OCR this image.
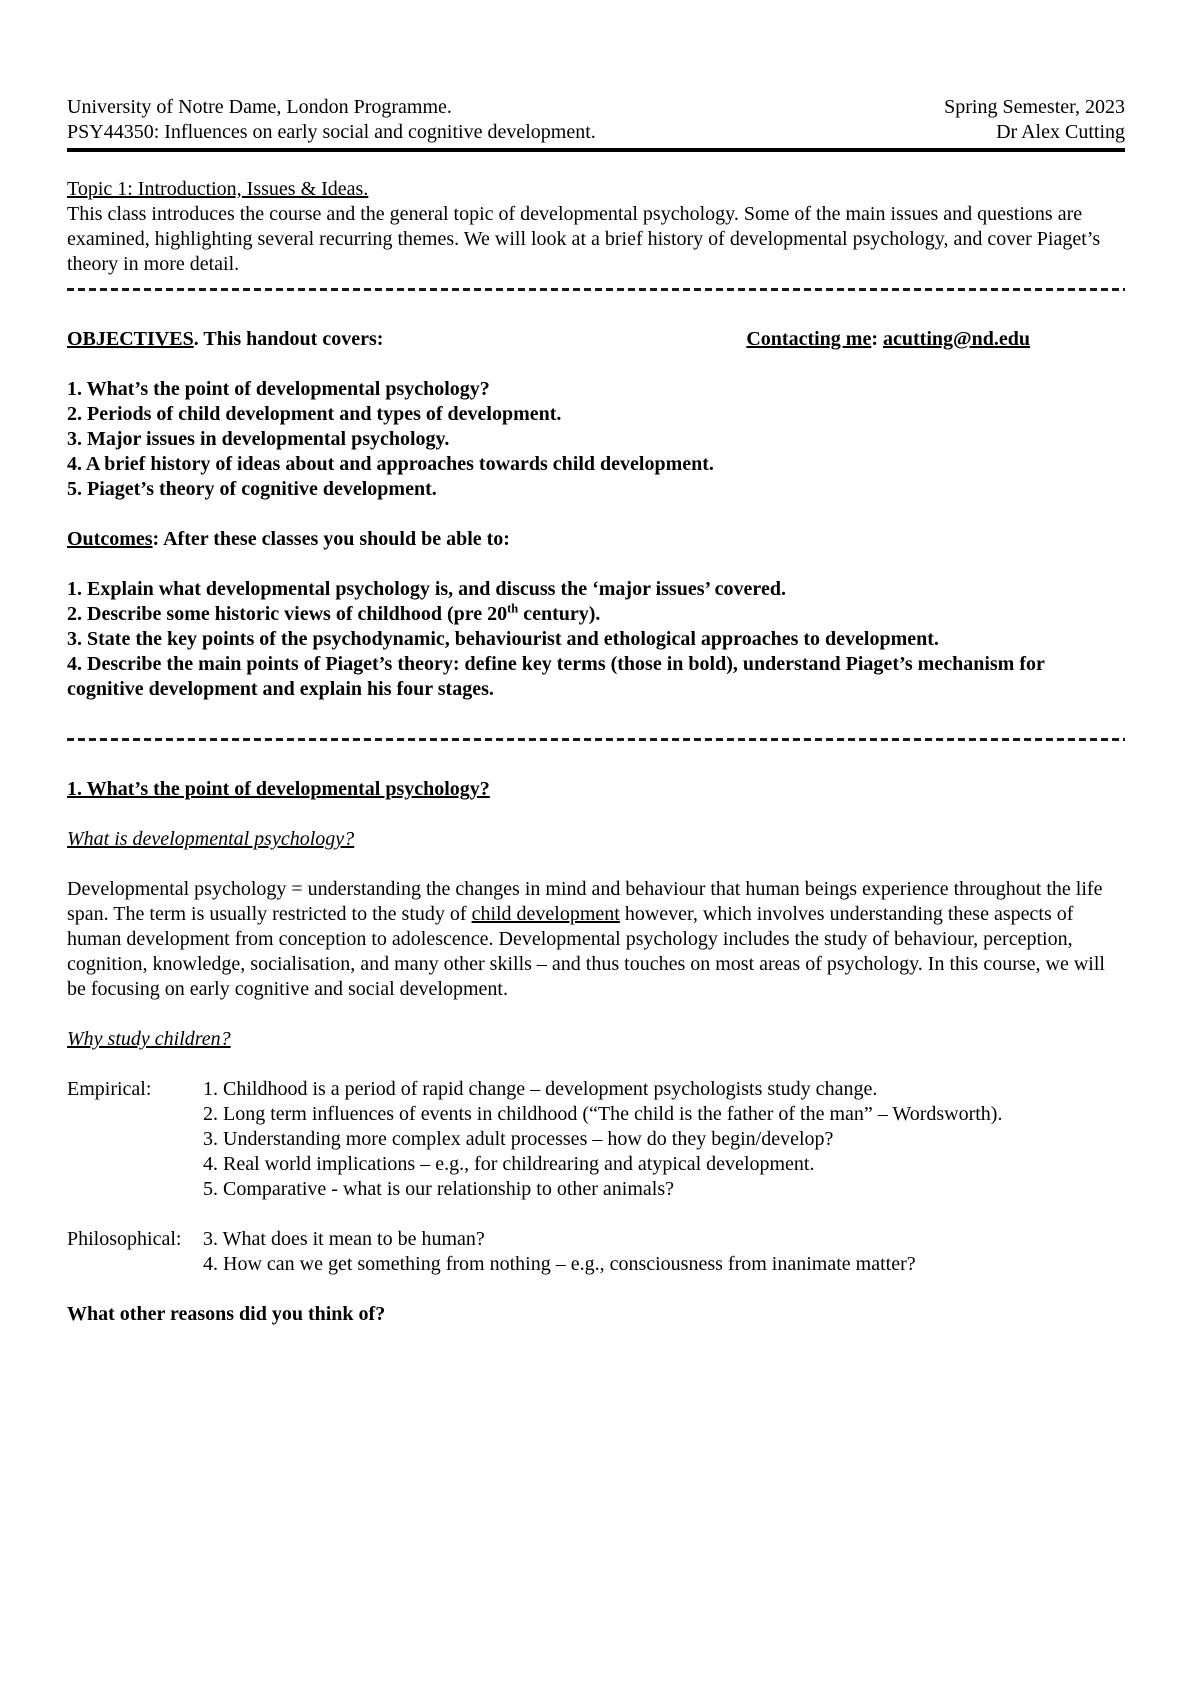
University of Notre Dame, London Programme.

PSY44350: Influences on early social and cognitive development.

Spring Semester, 2023

Dr Alex Cutting

Topic 1: Introduction, Issues & Ideas.

This class introduces the course and the general topic of developmental psychology. Some of the main issues and questions are examined, highlighting several recurring themes. We will look at a brief history of developmental psychology, and cover Piaget’s theory in more detail.

OBJECTIVES. This handout covers:	Contacting me: acutting@nd.edu

1. What’s the point of developmental psychology?

2. Periods of child development and types of development.

3. Major issues in developmental psychology.

4. A brief history of ideas about and approaches towards child development.

5. Piaget’s theory of cognitive development.

Outcomes: After these classes you should be able to:

1. Explain what developmental psychology is, and discuss the ‘major issues’ covered.

2. Describe some historic views of childhood (pre 20th century).

3. State the key points of the psychodynamic, behaviourist and ethological approaches to development.

4. Describe the main points of Piaget’s theory: define key terms (those in bold), understand Piaget’s mechanism for cognitive development and explain his four stages.

1. What’s the point of developmental psychology?

What is developmental psychology?

Developmental psychology = understanding the changes in mind and behaviour that human beings experience throughout the life span. The term is usually restricted to the study of child development however, which involves understanding these aspects of human development from conception to adolescence. Developmental psychology includes the study of behaviour, perception, cognition, knowledge, socialisation, and many other skills – and thus touches on most areas of psychology. In this course, we will be focusing on early cognitive and social development.

Why study children?

Empirical:	1. Childhood is a period of rapid change – development psychologists study change.

2. Long term influences of events in childhood (“The child is the father of the man” – Wordsworth).

3. Understanding more complex adult processes – how do they begin/develop?

4. Real world implications – e.g., for childrearing and atypical development.

5. Comparative - what is our relationship to other animals?

Philosophical:	3. What does it mean to be human?

4. How can we get something from nothing – e.g., consciousness from inanimate matter?

What other reasons did you think of?
